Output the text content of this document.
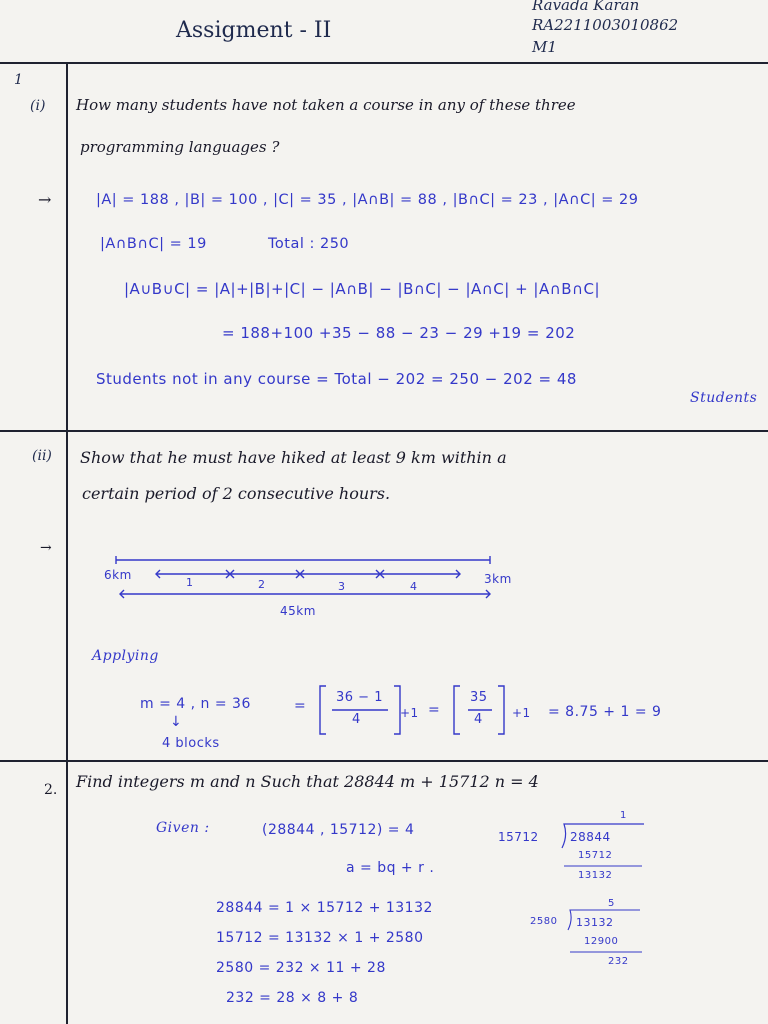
Assigment - II
Ravada Karan
RA2211003010862
M1
1
(i) How many students have not taken a course in any of these three
programming languages ?
→	|A| = 188 , |B| = 100 , |C| = 35 , |A∩B| = 88 , |B∩C| = 23 , |A∩C| = 29
|A∩B∩C| = 19	Total : 250
|A∪B∪C| = |A|+|B|+|C| − |A∩B| − |B∩C| − |A∩C| + |A∩B∩C|
= 188+100 +35 − 88 − 23 − 29 +19 = 202
Students not in any course = Total − 202 = 250 − 202 = 48
Students
(ii) Show that he must have hiked at least 9 km within a
certain period of 2 consecutive hours.
→
6km	3km
1	2	3	4
45km
Applying
m = 4 , n = 36
↓
4 blocks
=
36 − 1
4	+1 =
35
4 +1 = 8.75 + 1 = 9
2. Find integers m and n Such that 28844 m + 15712 n = 4
Given :	(28844 , 15712) = 4
a = bq + r .
28844 = 1 × 15712 + 13132
15712 = 13132 × 1 + 2580
2580 = 232 × 11 + 28
232 = 28 × 8 + 8
1
15712	28844
15712
13132
5
2580 13132
12900
232
